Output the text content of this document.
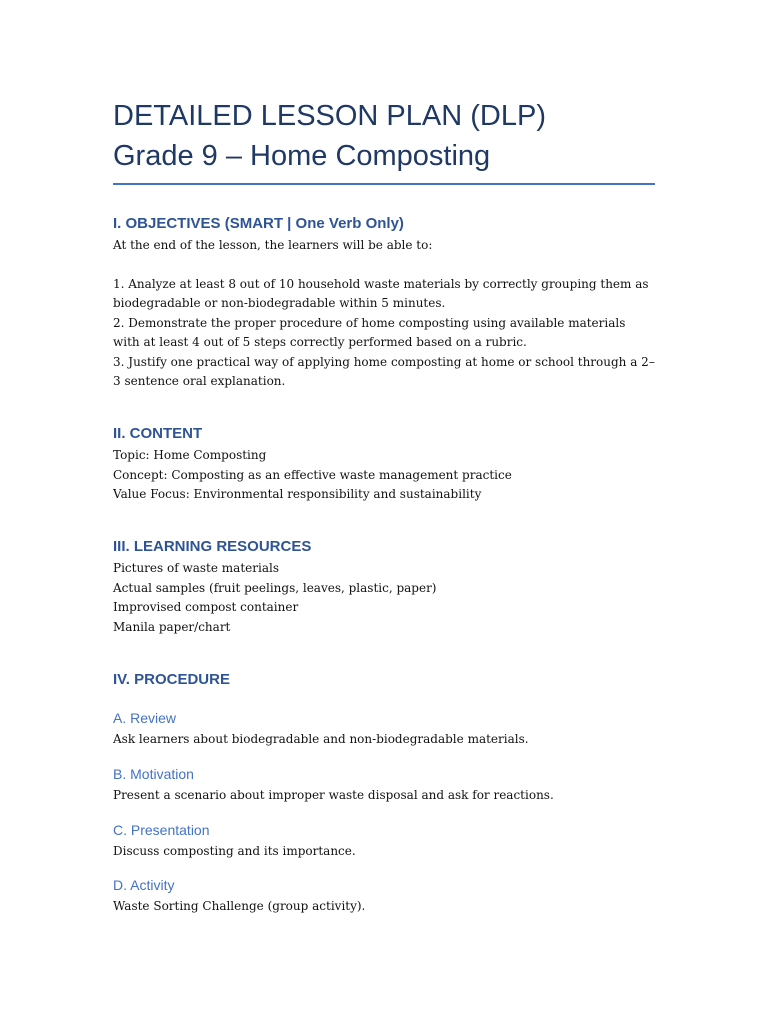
DETAILED LESSON PLAN (DLP)
Grade 9 – Home Composting
I. OBJECTIVES (SMART | One Verb Only)

At the end of the lesson, the learners will be able to:

1. Analyze at least 8 out of 10 household waste materials by correctly grouping them as biodegradable or non-biodegradable within 5 minutes.

2. Demonstrate the proper procedure of home composting using available materials with at least 4 out of 5 steps correctly performed based on a rubric.

3. Justify one practical way of applying home composting at home or school through a 2–3 sentence oral explanation.

II. CONTENT

Topic: Home Composting

Concept: Composting as an effective waste management practice

Value Focus: Environmental responsibility and sustainability

III. LEARNING RESOURCES

Pictures of waste materials

Actual samples (fruit peelings, leaves, plastic, paper)

Improvised compost container

Manila paper/chart

IV. PROCEDURE
A. Review

Ask learners about biodegradable and non-biodegradable materials.

B. Motivation

Present a scenario about improper waste disposal and ask for reactions.

C. Presentation

Discuss composting and its importance.

D. Activity

Waste Sorting Challenge (group activity).
